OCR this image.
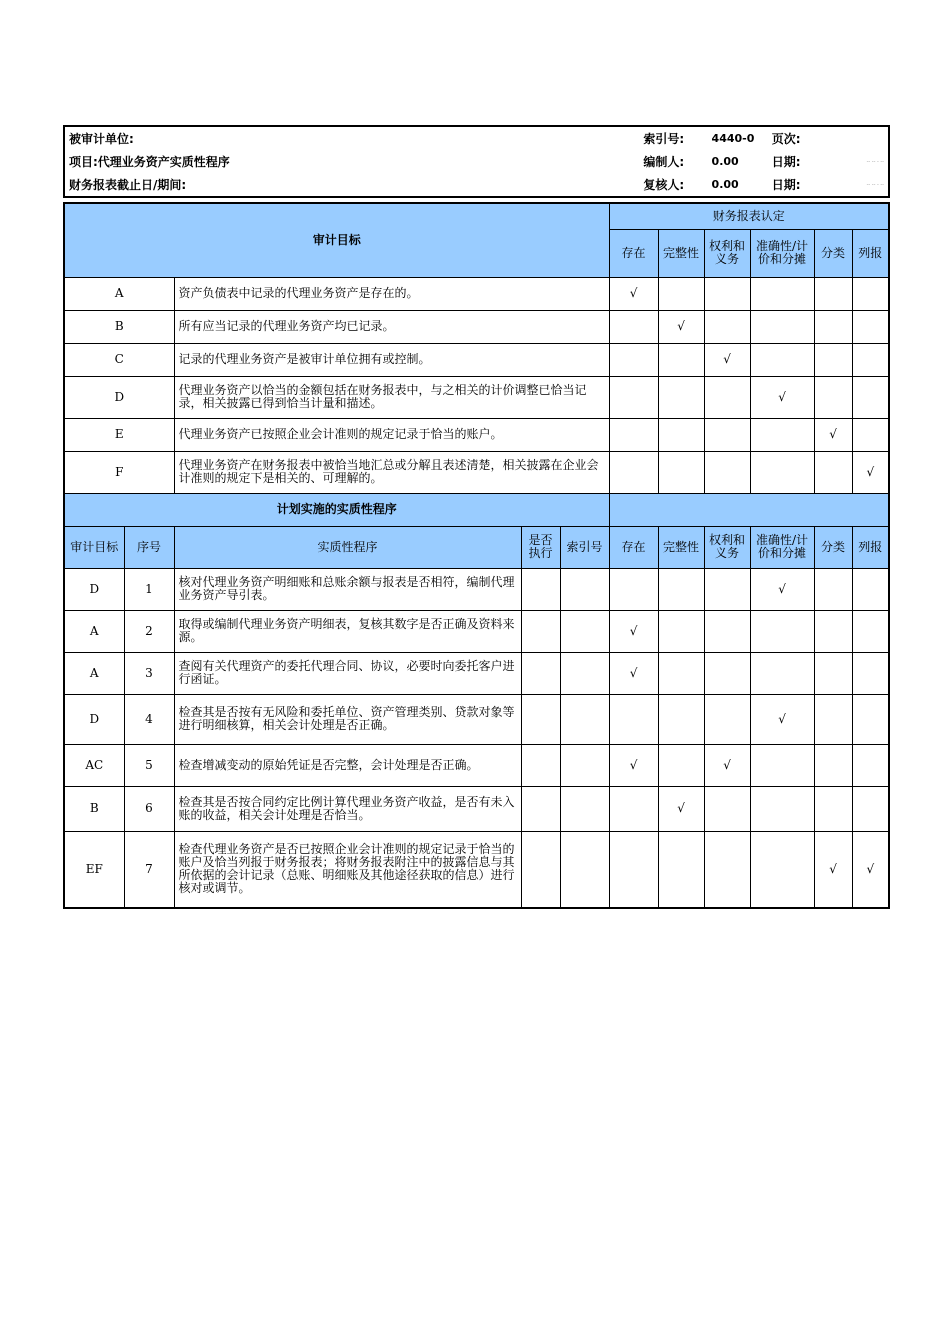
被审计单位:	索引号:	4440-0	页次:	
项目:代理业务资产实质性程序	编制人:	0.00	日期:	-- -- - --
财务报表截止日/期间:	复核人:	0.00	日期:	-- -- - --
审计目标					财务报表认定					
					存在	完整性	权利和义务	准确性/计价和分摊	分类	列报
A		资产负债表中记录的代理业务资产是存在的。			√					
B		所有应当记录的代理业务资产均已记录。				√				
C		记录的代理业务资产是被审计单位拥有或控制。					√			
D		代理业务资产以恰当的金额包括在财务报表中，与之相关的计价调整已恰当记录，相关披露已得到恰当计量和描述。						√		
E		代理业务资产已按照企业会计准则的规定记录于恰当的账户。							√	
F		代理业务资产在财务报表中被恰当地汇总或分解且表述清楚，相关披露在企业会计准则的规定下是相关的、可理解的。								√
计划实施的实质性程序										
审计目标	序号	实质性程序	是否执行	索引号	存在	完整性	权利和义务	准确性/计价和分摊	分类	列报
D	1	核对代理业务资产明细账和总账余额与报表是否相符，编制代理业务资产导引表。						√		
A	2	取得或编制代理业务资产明细表，复核其数字是否正确及资料来源。			√					
A	3	查阅有关代理资产的委托代理合同、协议，必要时向委托客户进行函证。			√					
D	4	检查其是否按有无风险和委托单位、资产管理类别、贷款对象等进行明细核算，相关会计处理是否正确。						√		
AC	5	检查增减变动的原始凭证是否完整，会计处理是否正确。			√		√			
B	6	检查其是否按合同约定比例计算代理业务资产收益，是否有未入账的收益，相关会计处理是否恰当。				√				
EF	7	检查代理业务资产是否已按照企业会计准则的规定记录于恰当的账户及恰当列报于财务报表；将财务报表附注中的披露信息与其所依据的会计记录（总账、明细账及其他途径获取的信息）进行核对或调节。							√	√
